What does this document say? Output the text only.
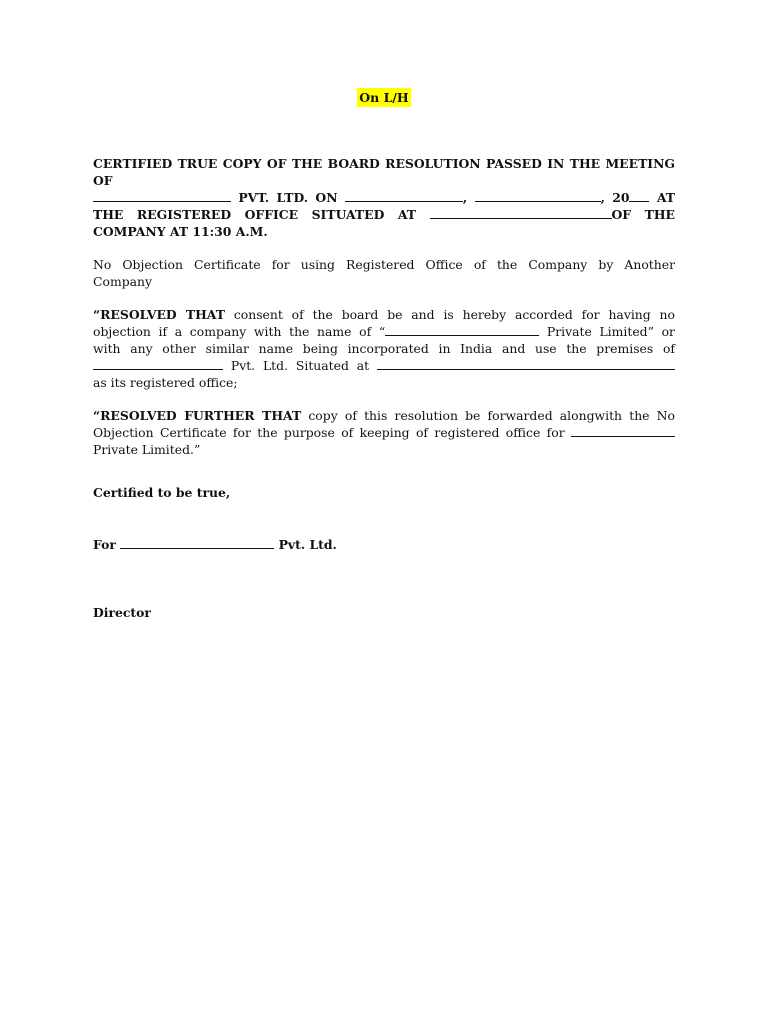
On L/H
CERTIFIED TRUE COPY OF THE BOARD RESOLUTION PASSED IN THE MEETING OF
PVT. LTD. ON	,	, 20 AT
THE REGISTERED OFFICE SITUATED AT	OF THE
COMPANY AT 11:30 A.M.
No Objection Certificate for using Registered Office of the Company by Another
Company
“RESOLVED THAT consent of the board be and is hereby accorded for having no
objection if a company with the name of “	Private Limited” or
with any other similar name being incorporated in India and use the premises of
Pvt. Ltd. Situated at
as its registered office;
“RESOLVED FURTHER THAT copy of this resolution be forwarded alongwith the No
Objection Certificate for the purpose of keeping of registered office for
Private Limited.”
Certified to be true,
For	Pvt. Ltd.
Director
